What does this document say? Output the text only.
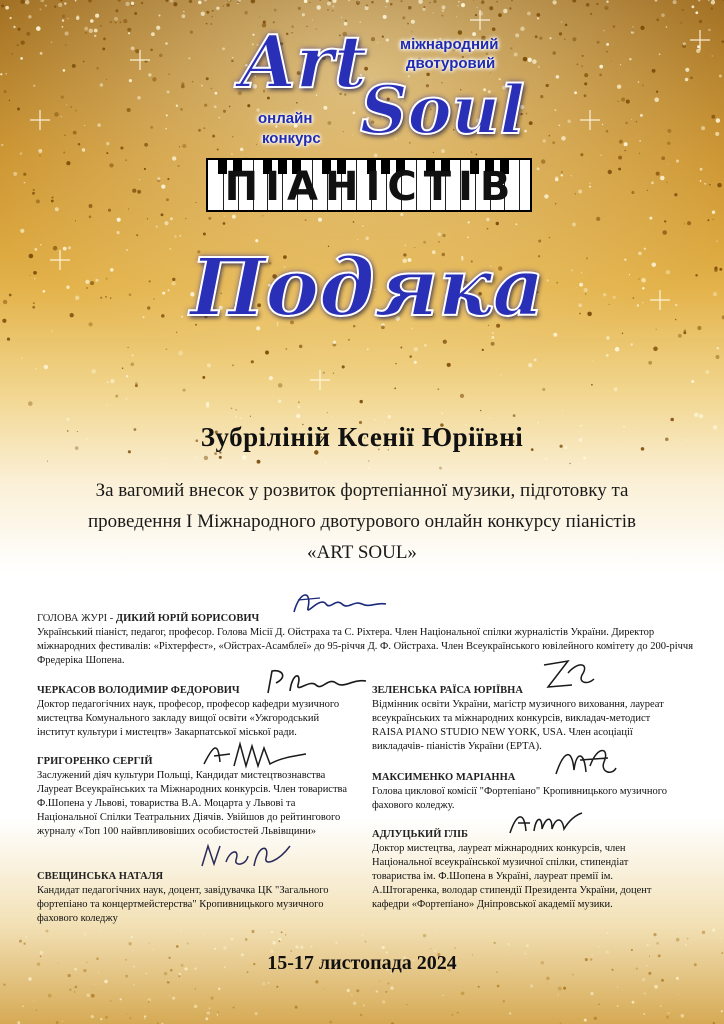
Art
Soul
міжнародний
двотуровий
онлайн
конкурс
ПІАНІСТІВ
Подяка
Зубріліній Ксенії Юріївні
За вагомий внесок у розвиток фортепіанної музики, підготовку та
проведення І Міжнародного двотурового онлайн конкурсу піаністів
«ART SOUL»
ГОЛОВА ЖУРІ - ДИКИЙ ЮРІЙ БОРИСОВИЧ
Український піаніст, педагог, професор. Голова Місії Д. Ойстраха та С. Ріхтера. Член Національної спілки журналістів України. Директор міжнародних фестивалів: «Ріхтерфест», «Ойстрах-Асамблеї» до 95-річчя Д. Ф. Ойстраха. Член Всеукраїнського ювілейного комітету до 200-річчя Фредеріка Шопена.
ЧЕРКАСОВ ВОЛОДИМИР ФЕДОРОВИЧ
Доктор педагогічних наук, професор, професор кафедри музичного мистецтва Комунального закладу вищої освіти «Ужгородський інститут культури і мистецтв» Закарпатської міської ради.
ГРИГОРЕНКО СЕРГІЙ
Заслужений діяч культури Польщі, Кандидат мистецтвознавства Лауреат Всеукраїнських та Міжнародних конкурсів. Член товариства Ф.Шопена у Львові, товариства В.А. Моцарта у Львові та Національної Спілки Театральних Діячів. Увійшов до рейтингового журналу «Топ 100 найвпливовіших особистостей Львівщини»
СВЕЩИНСЬКА НАТАЛЯ
Кандидат педагогічних наук, доцент, завідувачка ЦК "Загального фортепіано та концертмейстерства" Кропивницького музичного фахового коледжу
ЗЕЛЕНСЬКА РАЇСА ЮРІЇВНА
Відмінник освіти України, магістр музичного виховання, лауреат всеукраїнських та міжнародних конкурсів, викладач-методист RAISA PIANO STUDIO NEW YORK, USA. Член асоціації викладачів- піаністів України (ЕРТА).
МАКСИМЕНКО МАРІАННА
Голова циклової комісії "Фортепіано" Кропивницького музичного фахового коледжу.
АДЛУЦЬКИЙ ГЛІБ
Доктор мистецтва, лауреат міжнародних конкурсів, член Національної всеукраїнської музичної спілки, стипендіат товариства ім. Ф.Шопена в Україні, лауреат премії ім. А.Штогаренка, володар стипендії Президента України, доцент кафедри «Фортепіано» Дніпровської академії музики.
15-17 листопада 2024
